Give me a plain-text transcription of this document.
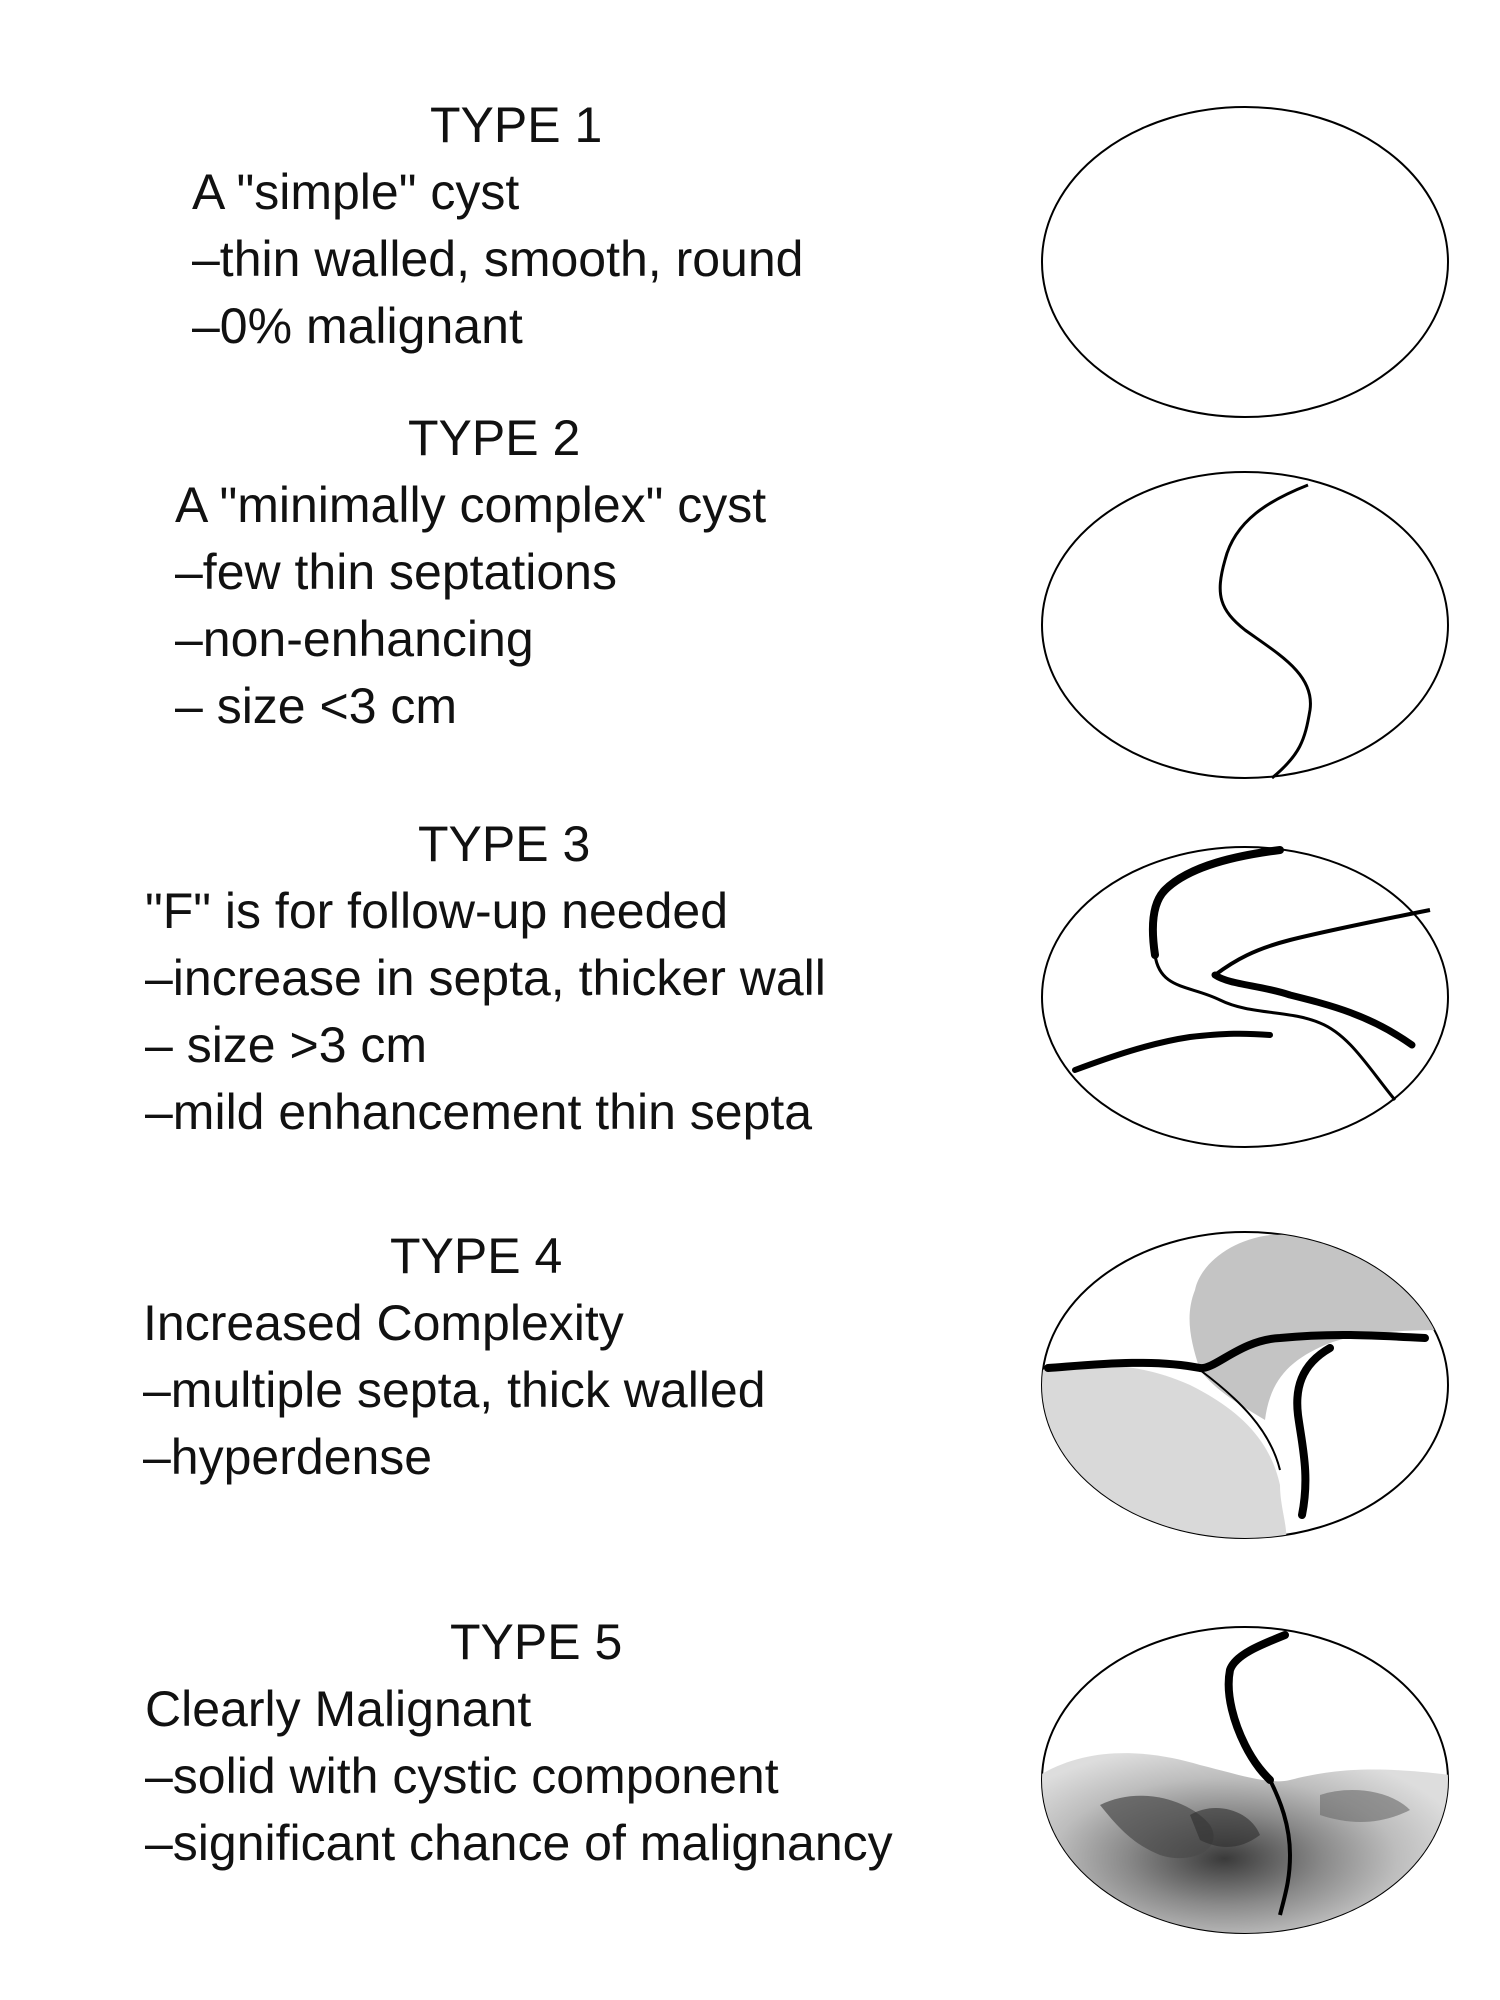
TYPE 1
A "simple" cyst
–thin walled, smooth, round
–0% malignant
TYPE 2
A "minimally complex" cyst
–few thin septations
–non-enhancing
– size <3 cm
TYPE 3
"F" is for follow-up needed
–increase in septa, thicker wall
– size >3 cm
–mild enhancement thin septa
TYPE 4
Increased Complexity
–multiple septa, thick walled
–hyperdense
TYPE 5
Clearly Malignant
–solid with cystic component
–significant chance of malignancy
